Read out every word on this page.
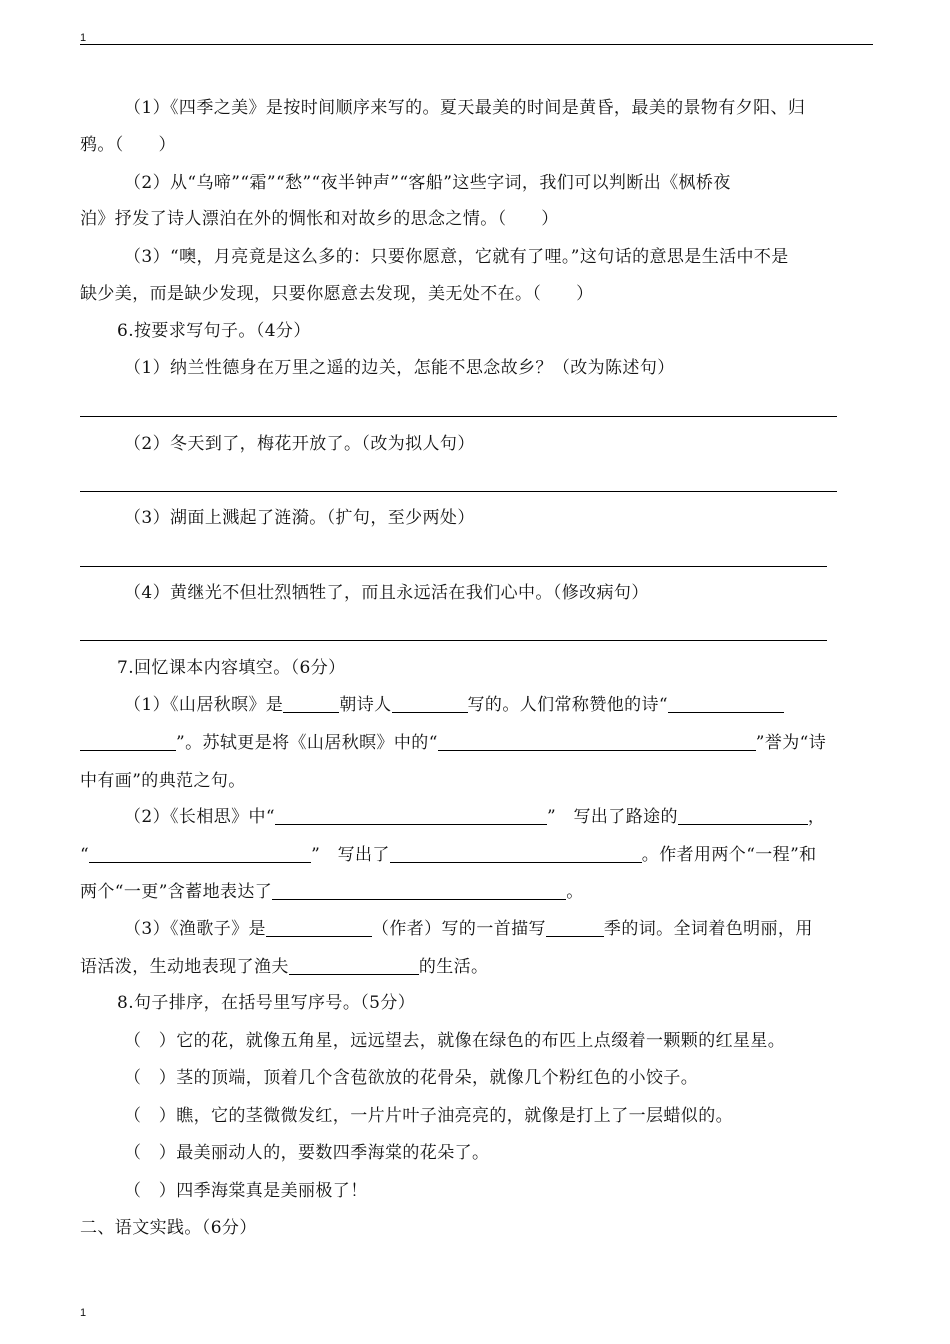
1
（1）《四季之美》是按时间顺序来写的。夏天最美的时间是黄昏，最美的景物有夕阳、归
鸦。（　　）
（2）从“乌啼”“霜”“愁”“夜半钟声”“客船”这些字词，我们可以判断出《枫桥夜
泊》抒发了诗人漂泊在外的惆怅和对故乡的思念之情。（　　）
（3）“噢，月亮竟是这么多的：只要你愿意，它就有了哩。”这句话的意思是生活中不是
缺少美，而是缺少发现，只要你愿意去发现，美无处不在。（　　）
6.按要求写句子。（4分）
（1）纳兰性德身在万里之遥的边关，怎能不思念故乡？（改为陈述句）
（2）冬天到了，梅花开放了。（改为拟人句）
（3）湖面上溅起了涟漪。（扩句，至少两处）
（4）黄继光不但壮烈牺牲了，而且永远活在我们心中。（修改病句）
7.回忆课本内容填空。（6分）
（1）《山居秋暝》是	朝诗人	写的。人们常称赞他的诗“
”。苏轼更是将《山居秋暝》中的“	”誉为“诗
中有画”的典范之句。
（2）《长相思》中“	”　写出了路途的	，
“	”　写出了	。作者用两个“一程”和
两个“一更”含蓄地表达了	。
（3）《渔歌子》是	（作者）写的一首描写	季的词。全词着色明丽，用
语活泼，生动地表现了渔夫	的生活。
8.句子排序，在括号里写序号。（5分）
（　）它的花，就像五角星，远远望去，就像在绿色的布匹上点缀着一颗颗的红星星。
（　）茎的顶端，顶着几个含苞欲放的花骨朵，就像几个粉红色的小饺子。
（　）瞧，它的茎微微发红，一片片叶子油亮亮的，就像是打上了一层蜡似的。
（　）最美丽动人的，要数四季海棠的花朵了。
（　）四季海棠真是美丽极了！
二、语文实践。（6分）
1
